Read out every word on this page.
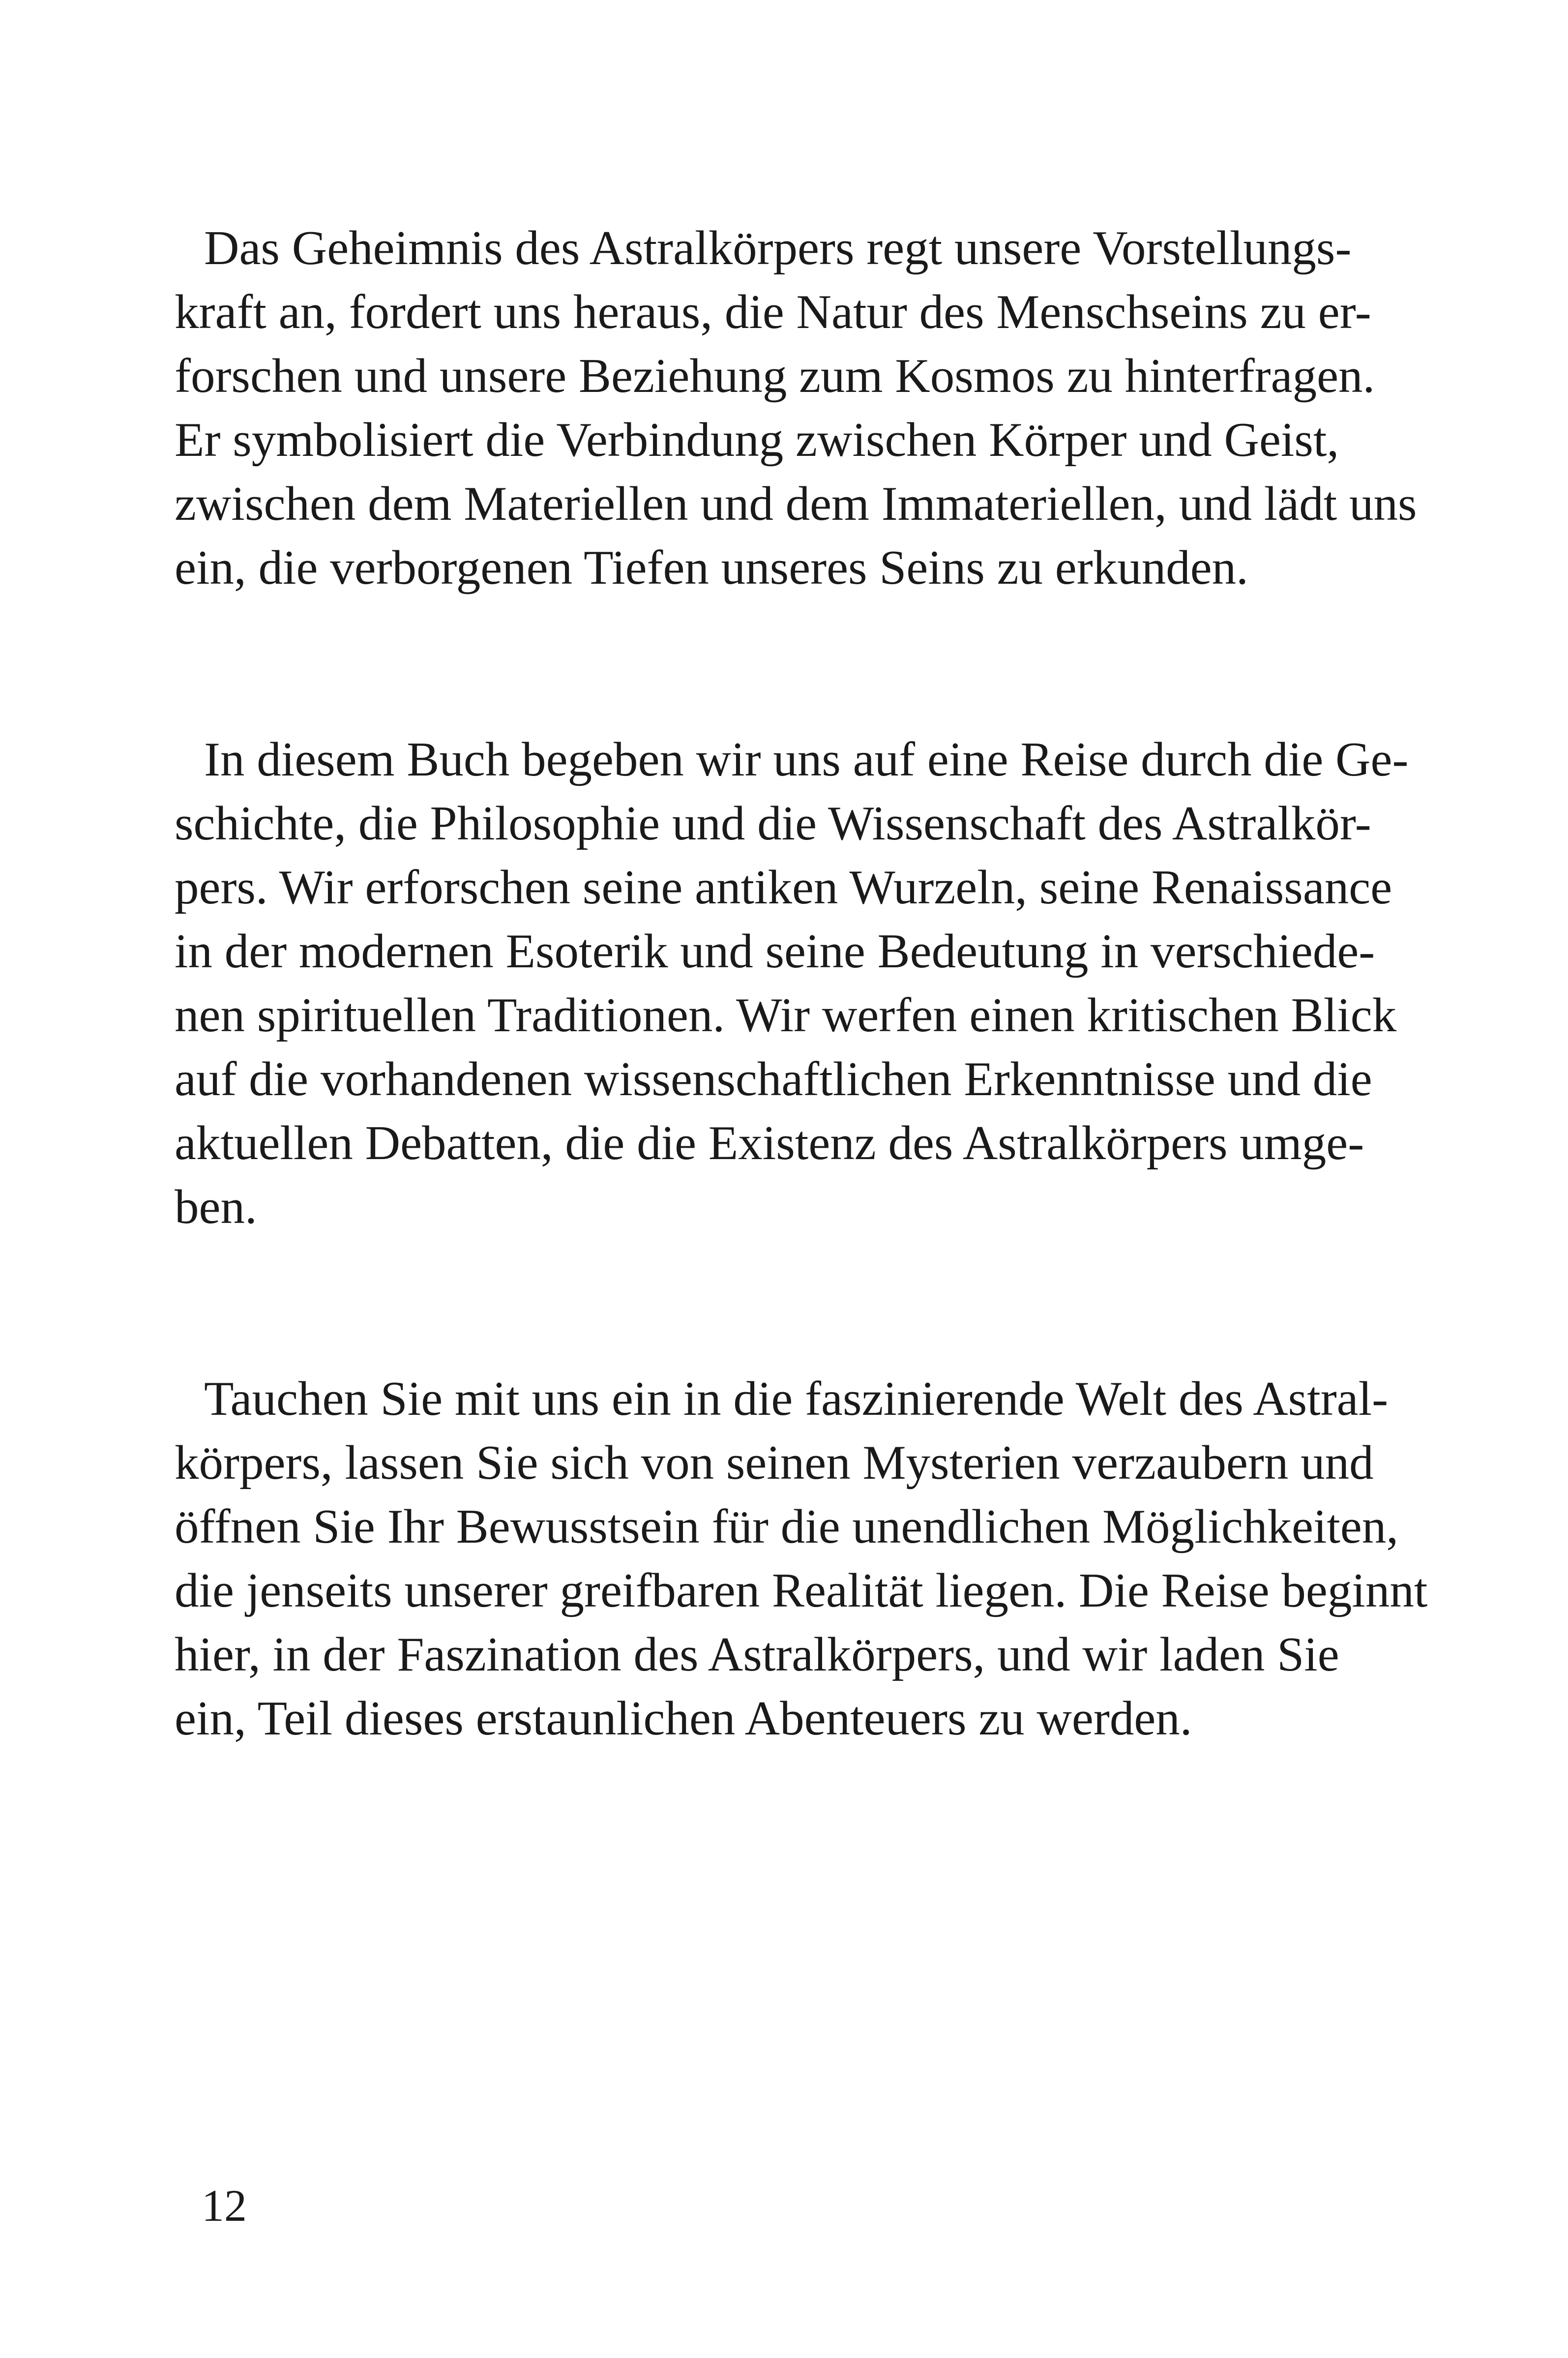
Das Geheimnis des Astralkörpers regt unsere Vorstellungs-
kraft an, fordert uns heraus, die Natur des Menschseins zu er-
forschen und unsere Beziehung zum Kosmos zu hinterfragen.
Er symbolisiert die Verbindung zwischen Körper und Geist,
zwischen dem Materiellen und dem Immateriellen, und lädt uns
ein, die verborgenen Tiefen unseres Seins zu erkunden.

In diesem Buch begeben wir uns auf eine Reise durch die Ge-
schichte, die Philosophie und die Wissenschaft des Astralkör-
pers. Wir erforschen seine antiken Wurzeln, seine Renaissance
in der modernen Esoterik und seine Bedeutung in verschiede-
nen spirituellen Traditionen. Wir werfen einen kritischen Blick
auf die vorhandenen wissenschaftlichen Erkenntnisse und die
aktuellen Debatten, die die Existenz des Astralkörpers umge-
ben.

Tauchen Sie mit uns ein in die faszinierende Welt des Astral-
körpers, lassen Sie sich von seinen Mysterien verzaubern und
öffnen Sie Ihr Bewusstsein für die unendlichen Möglichkeiten,
die jenseits unserer greifbaren Realität liegen. Die Reise beginnt
hier, in der Faszination des Astralkörpers, und wir laden Sie
ein, Teil dieses erstaunlichen Abenteuers zu werden.

12
